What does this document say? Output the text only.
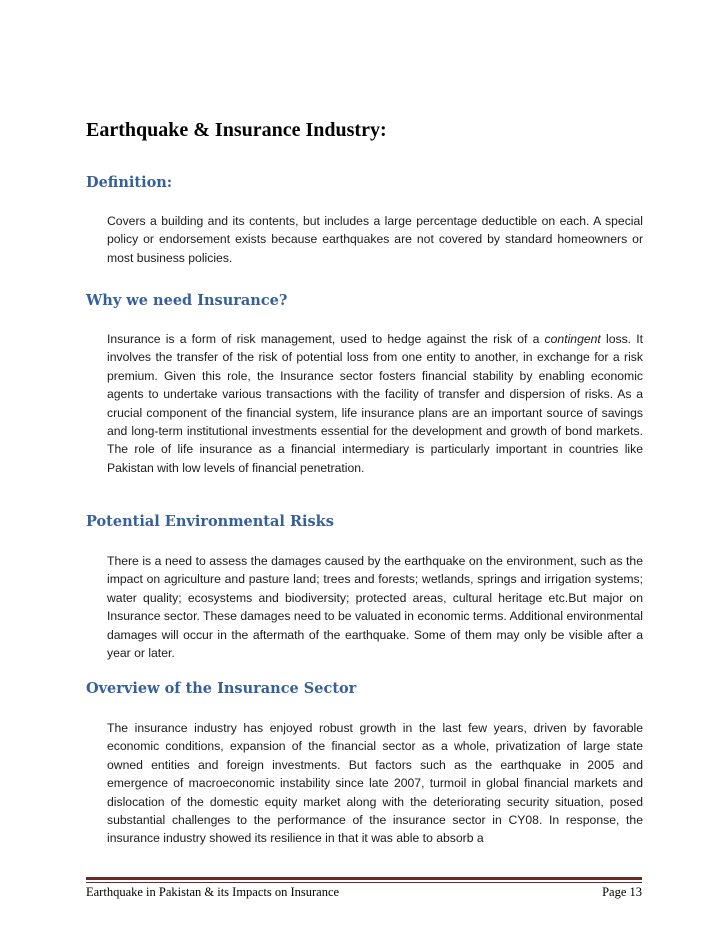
Earthquake & Insurance Industry:
Definition:

Covers a building and its contents, but includes a large percentage deductible on each. A special policy or endorsement exists because earthquakes are not covered by standard homeowners or most business policies.

Why we need Insurance?

Insurance is a form of risk management, used to hedge against the risk of a contingent loss. It involves the transfer of the risk of potential loss from one entity to another, in exchange for a risk premium. Given this role, the Insurance sector fosters financial stability by enabling economic agents to undertake various transactions with the facility of transfer and dispersion of risks. As a crucial component of the financial system, life insurance plans are an important source of savings and long-term institutional investments essential for the development and growth of bond markets. The role of life insurance as a financial intermediary is particularly important in countries like Pakistan with low levels of financial penetration.

Potential Environmental Risks

There is a need to assess the damages caused by the earthquake on the environment, such as the impact on agriculture and pasture land; trees and forests; wetlands, springs and irrigation systems; water quality; ecosystems and biodiversity; protected areas, cultural heritage etc.But major on Insurance sector. These damages need to be valuated in economic terms. Additional environmental damages will occur in the aftermath of the earthquake. Some of them may only be visible after a year or later.

Overview of the Insurance Sector

The insurance industry has enjoyed robust growth in the last few years, driven by favorable economic conditions, expansion of the financial sector as a whole, privatization of large state owned entities and foreign investments. But factors such as the earthquake in 2005 and emergence of macroeconomic instability since late 2007, turmoil in global financial markets and dislocation of the domestic equity market along with the deteriorating security situation, posed substantial challenges to the performance of the insurance sector in CY08. In response, the insurance industry showed its resilience in that it was able to absorb a

Earthquake in Pakistan & its Impacts on Insurance	Page 13
